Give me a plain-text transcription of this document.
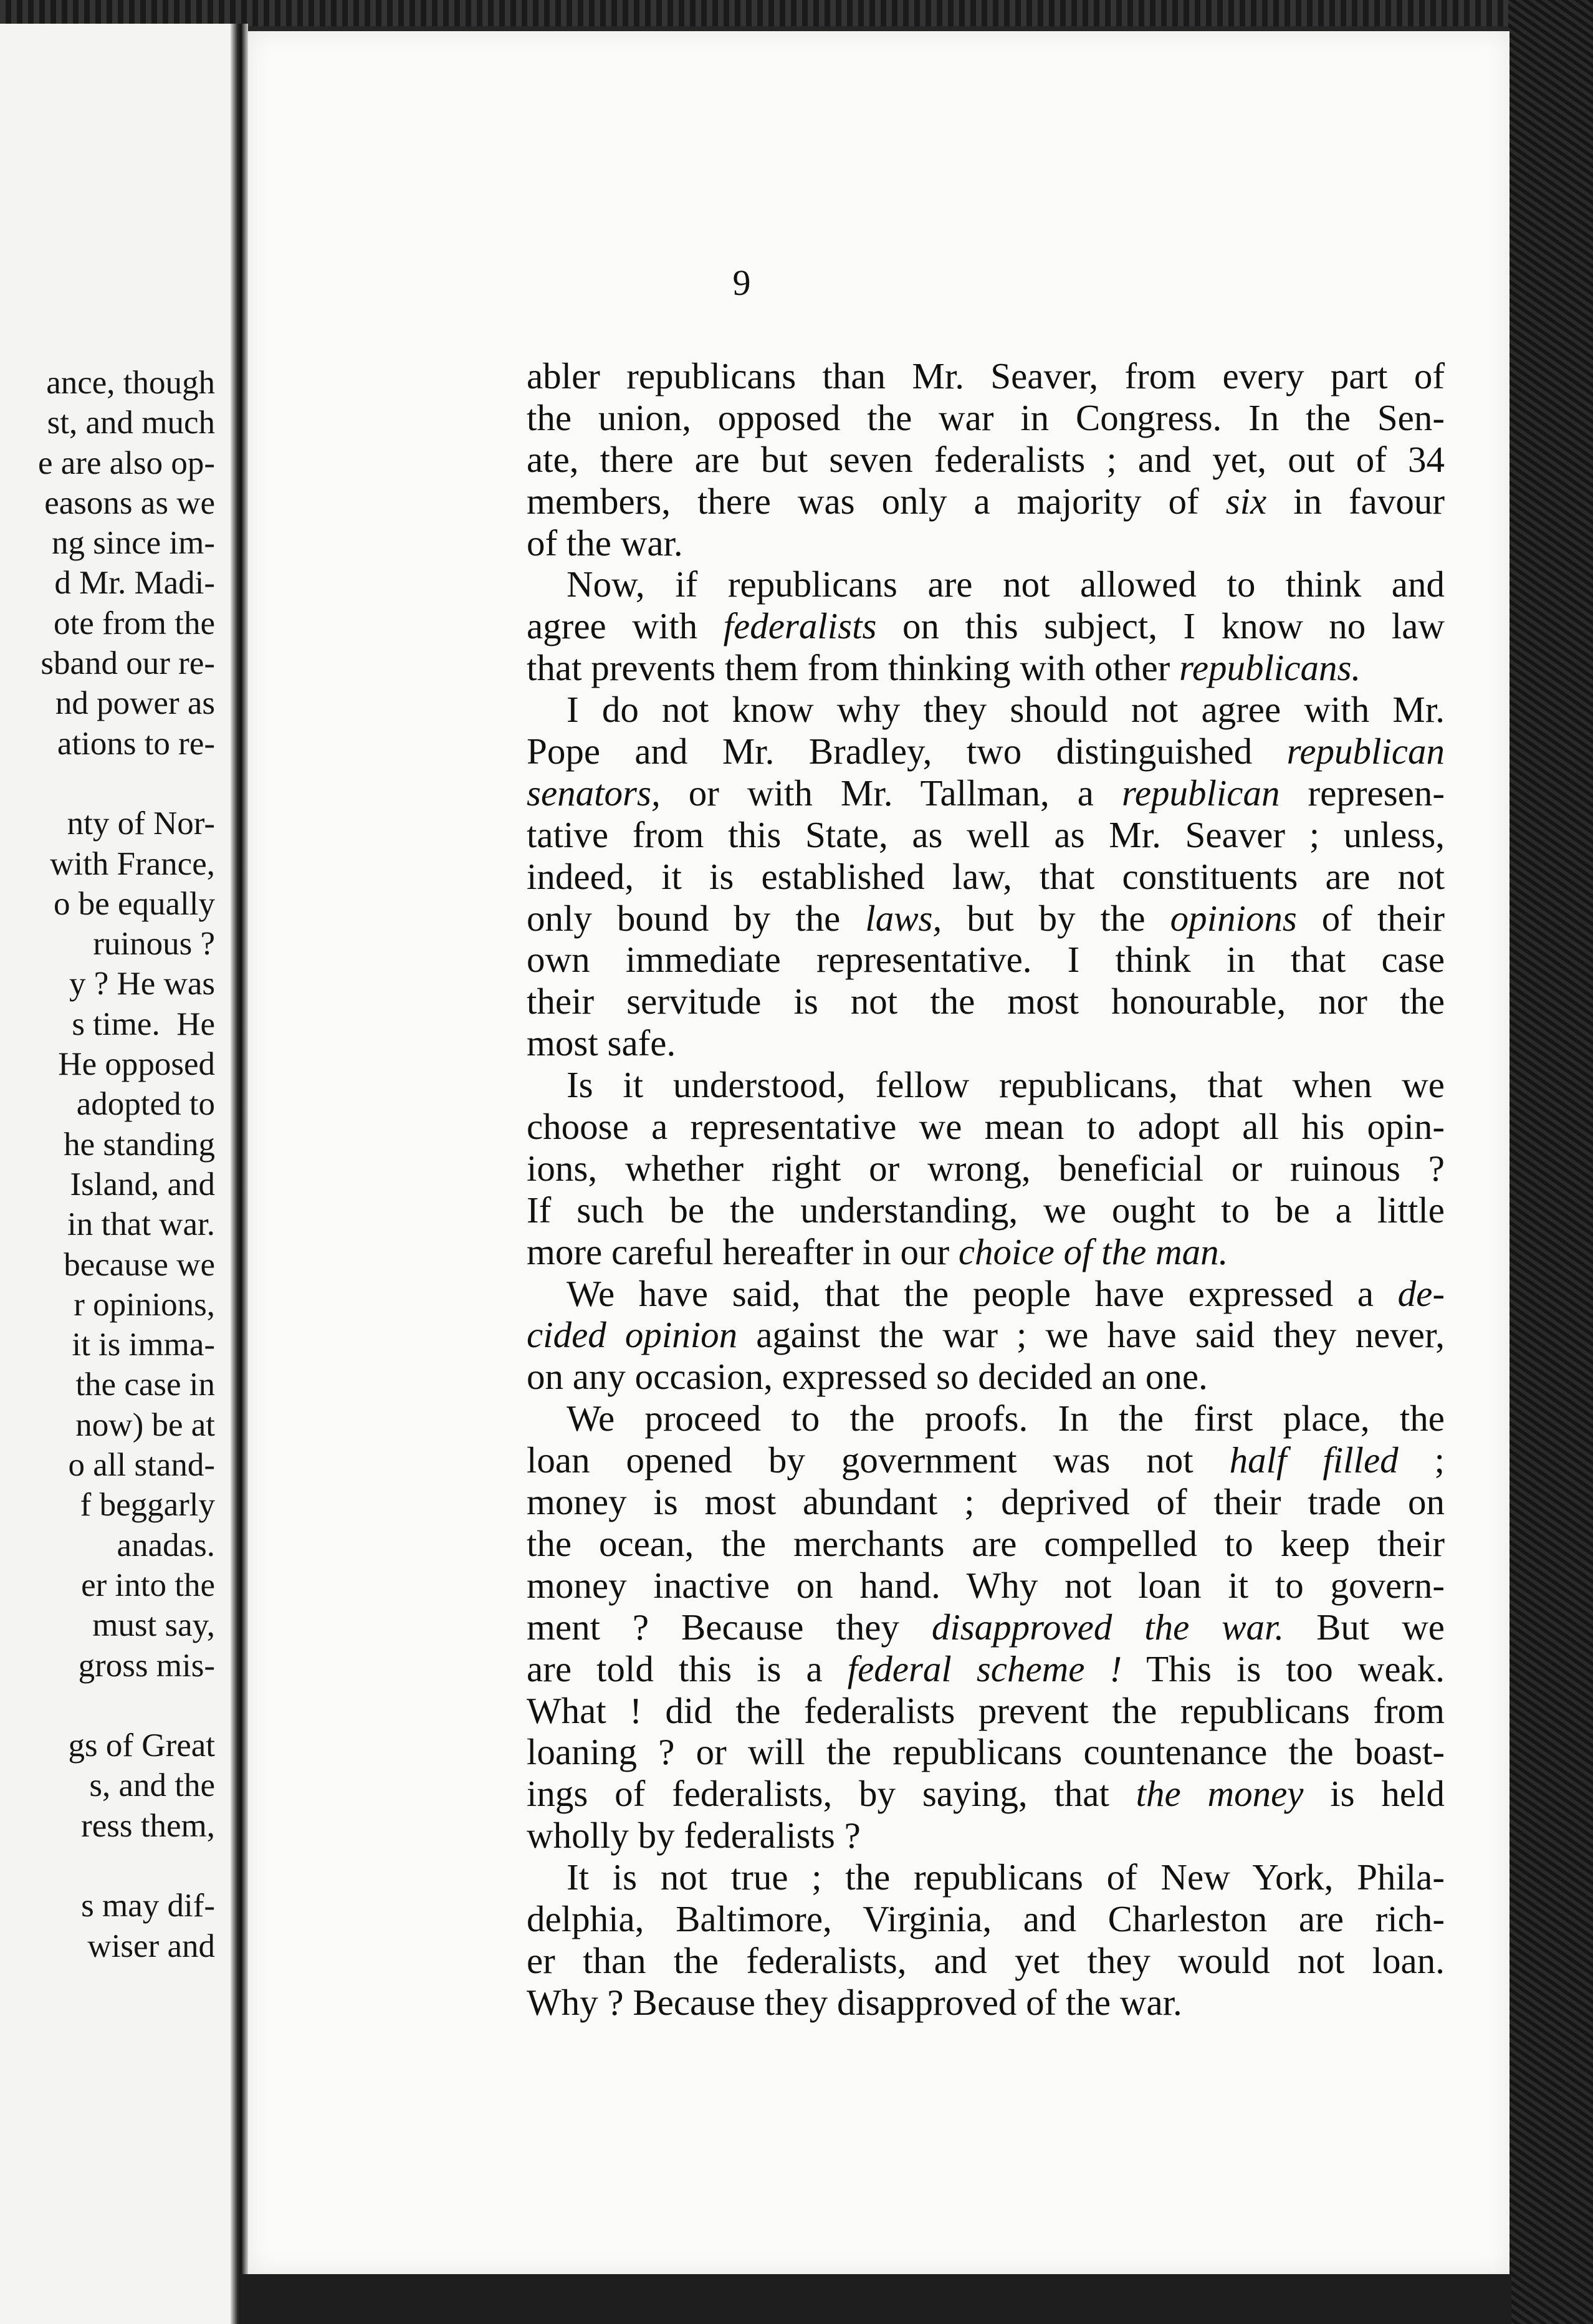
ance, though
st, and much
e are also op-
easons as we
ng since im-
d Mr. Madi-
ote from the
sband our re-
nd power as
ations to re-
nty of Nor-
with France,
o be equally
ruinous ?
y ? He was
s time.  He
He opposed
adopted to
he standing
Island, and
in that war.
because we
r opinions,
it is imma-
the case in
now) be at
o all stand-
f beggarly
anadas.
er into the
must say,
gross mis-
gs of Great
s, and the
ress them,
s may dif-
wiser and
9
abler republicans than Mr. Seaver, from every part of
the union, opposed the war in Congress. In the Sen-
ate, there are but seven federalists ; and yet, out of 34
members, there was only a majority of six in favour
of the war.
Now, if republicans are not allowed to think and
agree with federalists on this subject, I know no law
that prevents them from thinking with other republicans.
I do not know why they should not agree with Mr.
Pope and Mr. Bradley, two distinguished republican
senators, or with Mr. Tallman, a republican represen-
tative from this State, as well as Mr. Seaver ; unless,
indeed, it is established law, that constituents are not
only bound by the laws, but by the opinions of their
own immediate representative. I think in that case
their servitude is not the most honourable, nor the
most safe.
Is it understood, fellow republicans, that when we
choose a representative we mean to adopt all his opin-
ions, whether right or wrong, beneficial or ruinous ?
If such be the understanding, we ought to be a little
more careful hereafter in our choice of the man.
We have said, that the people have expressed a de-
cided opinion against the war ; we have said they never,
on any occasion, expressed so decided an one.
We proceed to the proofs. In the first place, the
loan opened by government was not half filled ;
money is most abundant ; deprived of their trade on
the ocean, the merchants are compelled to keep their
money inactive on hand. Why not loan it to govern-
ment ? Because they disapproved the war. But we
are told this is a federal scheme ! This is too weak.
What ! did the federalists prevent the republicans from
loaning ? or will the republicans countenance the boast-
ings of federalists, by saying, that the money is held
wholly by federalists ?
It is not true ; the republicans of New York, Phila-
delphia, Baltimore, Virginia, and Charleston are rich-
er than the federalists, and yet they would not loan.
Why ? Because they disapproved of the war.
